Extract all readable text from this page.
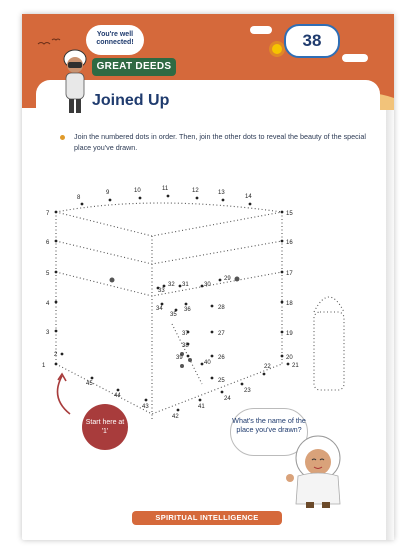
38
You're well connected!
GREAT DEEDS
Joined Up
Join the numbered dots in order. Then, join the other dots to reveal the beauty of the special place you've drawn.
1
2
3
4
5
6
7
8
9	10	11	12	13
14
15
16
17
18
19
20
21
22
23
24
25
26
27
28
29
30
31
32
33
34
35
36
37
38
39
40
41
42
43
44
45
Start here at '1'
What's the name of the place you've drawn?
SPIRITUAL INTELLIGENCE
